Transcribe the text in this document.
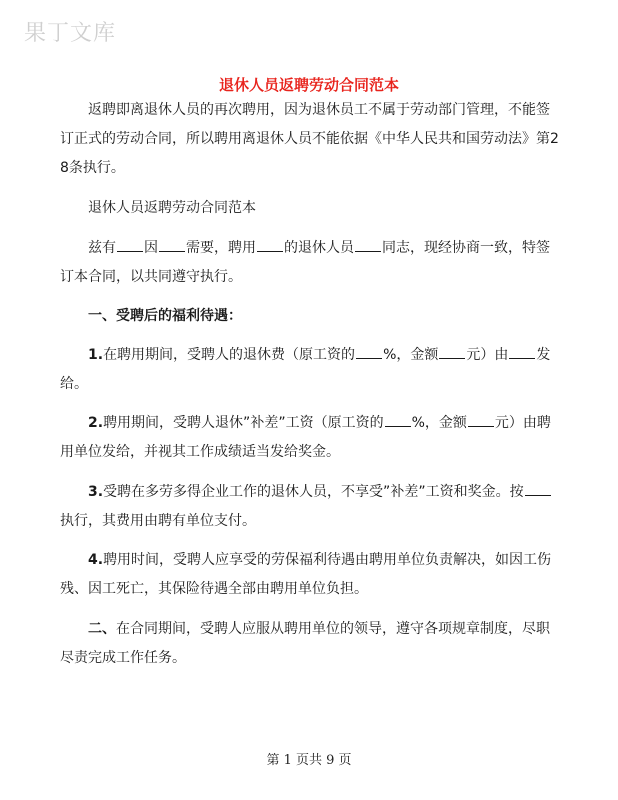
果丁文库
退休人员返聘劳动合同范本
返聘即离退休人员的再次聘用，因为退休员工不属于劳动部门管理，不能签订正式的劳动合同，所以聘用离退休人员不能依据《中华人民共和国劳动法》第28条执行。
退休人员返聘劳动合同范本
兹有 因 需要，聘用 的退休人员 同志，现经协商一致，特签订本合同，以共同遵守执行。
一、受聘后的福利待遇：
1.在聘用期间，受聘人的退休费（原工资的 %，金额 元）由 发给。
2.聘用期间，受聘人退休”补差”工资（原工资的 %，金额 元）由聘用单位发给，并视其工作成绩适当发给奖金。
3.受聘在多劳多得企业工作的退休人员，不享受”补差”工资和奖金。按执行，其费用由聘有单位支付。
4.聘用时间，受聘人应享受的劳保福利待遇由聘用单位负责解决，如因工伤残、因工死亡，其保险待遇全部由聘用单位负担。
二、在合同期间，受聘人应服从聘用单位的领导，遵守各项规章制度，尽职尽责完成工作任务。
第 1 页共 9 页
